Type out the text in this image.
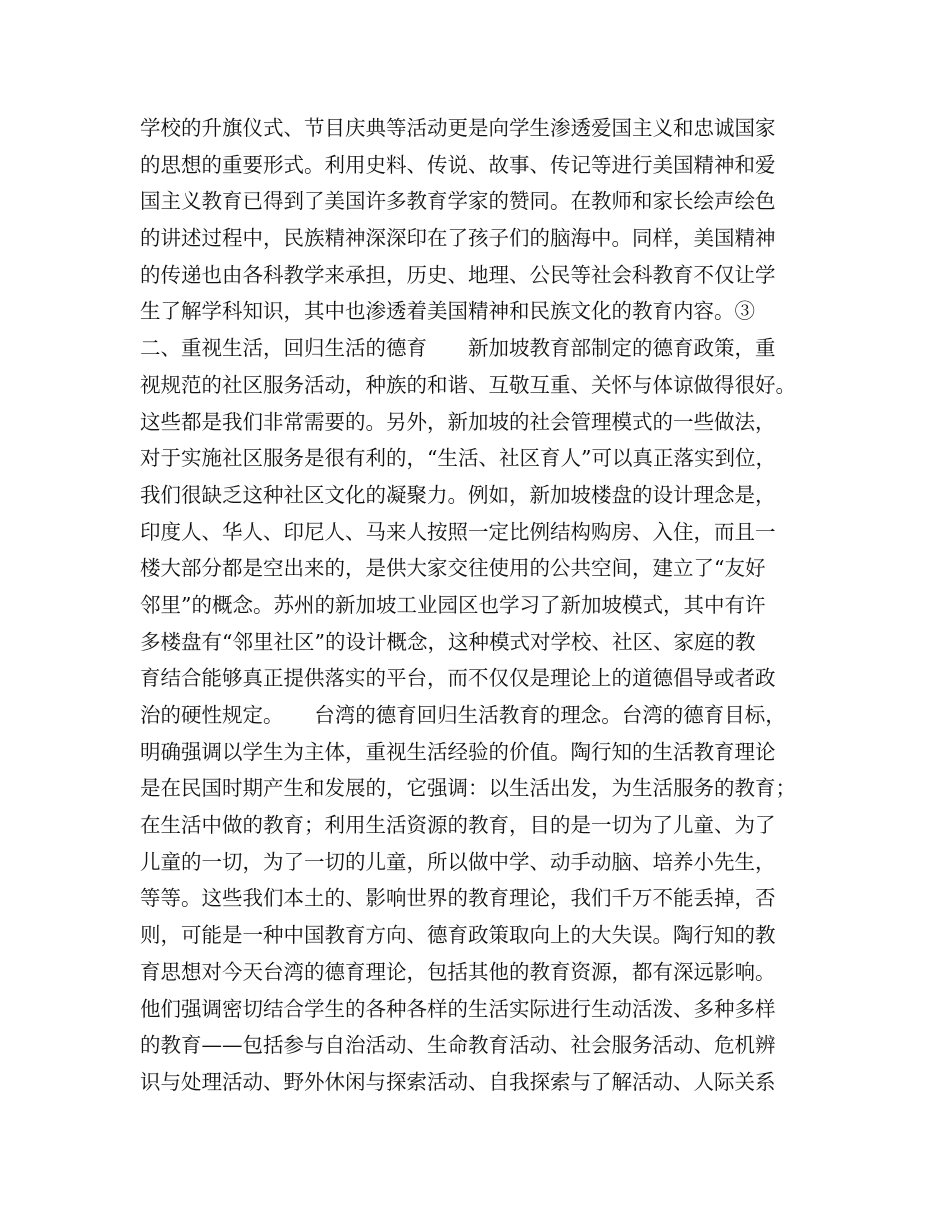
学校的升旗仪式、节目庆典等活动更是向学生渗透爱国主义和忠诚国家
的思想的重要形式。利用史料、传说、故事、传记等进行美国精神和爱
国主义教育已得到了美国许多教育学家的赞同。在教师和家长绘声绘色
的讲述过程中，民族精神深深印在了孩子们的脑海中。同样，美国精神
的传递也由各科教学来承担，历史、地理、公民等社会科教育不仅让学
生了解学科知识，其中也渗透着美国精神和民族文化的教育内容。③
二、重视生活，回归生活的德育　　新加坡教育部制定的德育政策，重
视规范的社区服务活动，种族的和谐、互敬互重、关怀与体谅做得很好。
这些都是我们非常需要的。另外，新加坡的社会管理模式的一些做法，
对于实施社区服务是很有利的，“生活、社区育人”可以真正落实到位，
我们很缺乏这种社区文化的凝聚力。例如，新加坡楼盘的设计理念是，
印度人、华人、印尼人、马来人按照一定比例结构购房、入住，而且一
楼大部分都是空出来的，是供大家交往使用的公共空间，建立了“友好
邻里”的概念。苏州的新加坡工业园区也学习了新加坡模式，其中有许
多楼盘有“邻里社区”的设计概念，这种模式对学校、社区、家庭的教
育结合能够真正提供落实的平台，而不仅仅是理论上的道德倡导或者政
治的硬性规定。　　台湾的德育回归生活教育的理念。台湾的德育目标，
明确强调以学生为主体，重视生活经验的价值。陶行知的生活教育理论
是在民国时期产生和发展的，它强调：以生活出发，为生活服务的教育；
在生活中做的教育；利用生活资源的教育，目的是一切为了儿童、为了
儿童的一切，为了一切的儿童，所以做中学、动手动脑、培养小先生，
等等。这些我们本土的、影响世界的教育理论，我们千万不能丢掉，否
则，可能是一种中国教育方向、德育政策取向上的大失误。陶行知的教
育思想对今天台湾的德育理论，包括其他的教育资源，都有深远影响。
他们强调密切结合学生的各种各样的生活实际进行生动活泼、多种多样
的教育——包括参与自治活动、生命教育活动、社会服务活动、危机辨
识与处理活动、野外休闲与探索活动、自我探索与了解活动、人际关系
